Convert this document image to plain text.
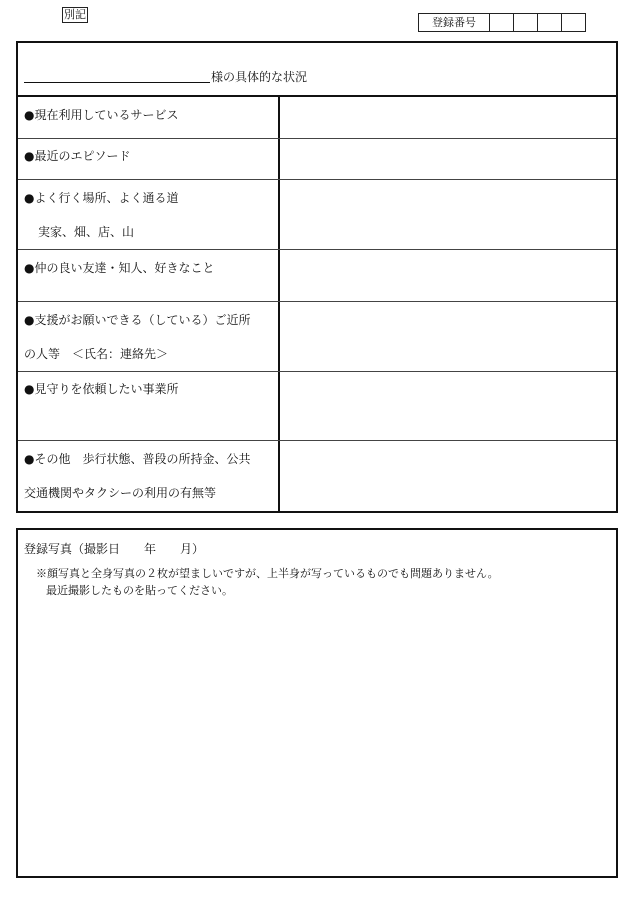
別記
登録番号
様の具体的な状況
●現在利用しているサービス
●最近のエピソード
●よく行く場所、よく通る道
実家、畑、店、山
●仲の良い友達・知人、好きなこと
●支援がお願いできる（している）ご近所
の人等　＜氏名：連絡先＞
●見守りを依頼したい事業所
●その他　歩行状態、普段の所持金、公共
交通機関やタクシーの利用の有無等
登録写真（撮影日　　年　　月）
※顔写真と全身写真の２枚が望ましいですが、上半身が写っているものでも問題ありません。
最近撮影したものを貼ってください。
